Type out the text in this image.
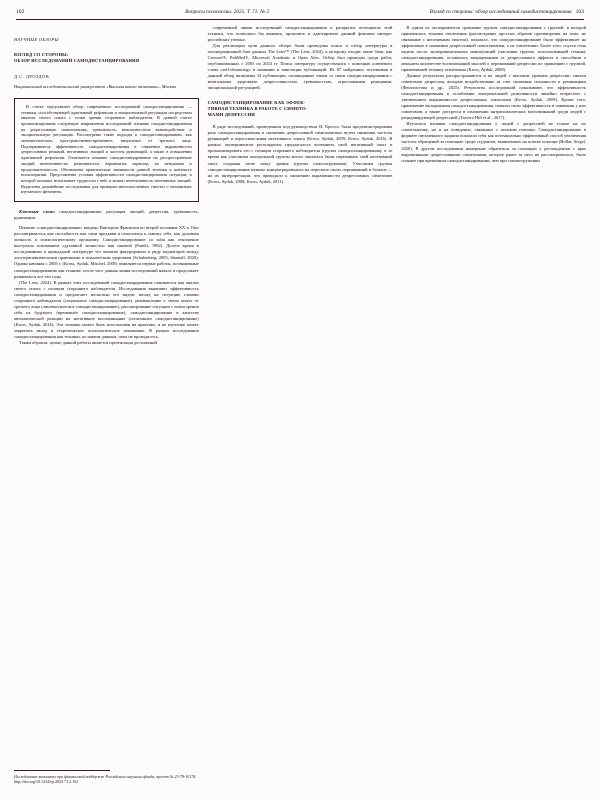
102	Вопросы психологии. 2025. Т. 71. № 2	Взгляд со стороны: обзор исследований самодистанцирования 103
НАУЧНЫЕ ОБЗОРЫ
ВЗГЛЯД СО СТОРОНЫ:
ОБЗОР ИССЛЕДОВАНИЙ САМОДИСТАНЦИРОВАНИЯ
Д.С. ДРОЗДОВ
Национальный исследовательский университет «Высшая школа экономики», Москва

В статье представлен обзор современных исследований самодистанцирования — техники, способствующей адаптивной рефлексии и эмоциональной регуляции посредством анализа своего опыта с точки зрения стороннего наблюдателя. В данной статье проанализированы следующие направления исследований: влияние самодистанцирования на депрессивную симптоматику, тревожность, межличностное взаимодействие и эмоциональную регуляцию. Рассмотрены такие подходы к самодистанцированию, как лингвистическое, пространственно-временное, визуальное от третьего лица. Подчеркивается эффективность самодистанцирования в снижении выраженности депрессивных реакций, негативных эмоций и частоты руминаций, а также в повышении адаптивной рефлексии. Отмечается влияние самодистанцирования на распространение эмоций интенсивности, реактивности, взрывчатых характер, но ненужным и продолжительность. Обозначены практические значимости данной техники в контексте психотерапии. Представлены условия эффективности самодистанцирования ситуации, в которой похожих испытывает трудности с ней, и можно интенсивность негативных эмоций. Выделены дальнейшие исследования для проверки многочисленных гипотез о механизмах изучаемого феномена.

Ключевые слова: самодистанцирование, регуляция эмоций, депрессия, тревожность, руминации.

Понятие «самодистанцирование» введено Виктором Франклом во второй половине XX в. Оно рассматривалось как способность как сами предъяви и относиться к самому себе, как духовная личность к психологическому организму. Самодистанцирование со subя как отношение выступала основанием «духовной личности» как таковой (Frankl, 1982). Долгое время в исследованиях и прикладной литературе это понятие фигурировало в ряду медиаторов между логотерапевтическими практиками и психическим здоровьем (Schulenberg, 2003; Shantall, 2020). Однако начиная с 2005 г. (Kross, Ayduk, Mischel, 2005) появляются первые работы, посвященные самодистанцированию как технике, после чего данная линия исследований начала и продолжает развиваться все эти годы

(The Lens, 2024). В рамках этих исследований самодистанцирование понимается как анализ своего опыта с позиции стороннего наблюдателя. Исследования выявляют эффективность самодистанцирования и предлагают несколько его видов: взгляд на ситуацию глазами стороннего наблюдателя (социальное самодистанцирование), размышление о своем опыте от третьего лица (лингвистическое самодистанцирование), рассматривание ситуации с точки зрения себя из будущего (временнóе самодистанцирование), самодистанцирование в качестве автоматической реакции на негативное воспоминание (спонтанное самодистанцирование) (Kross, Ayduk, 2016). Эти техники может быть использован на практике, и не изучение может закрепить вклад в теоретическое психологическое понимание. В рамках исследования самодистанцирования как техники, по нашим данным, пока не проводилось.

Таким образом, целью данной работы является презентация достижений

Исследование выполнено при финансовой поддержке Российского научного фонда, проект № 23-78-10174.

http://doi.org/10.1234/vp.2025.71.2.102

современной линии исследований самодистанцирования и раскрытие потенциала этой техники, что позволило бы выявить, прояснить и адаптировать данный феномен интерес российских ученых.

Для реализации цели данного обзора были проведены поиск и отбор литературы в агломерационной базе данных The Lens™ (The Lens, 2024), к которому входят такие базы, как Crossref®, PubMed®, Microsoft Academic и Open Alex. Отбор был проведен среди работ, опубликованных с 2005 по 2024 гг. Поиск литературу осуществлялся с помощью ключевого слова «self-distancing» в названии и аннотации публикаций. Из 87 найденных источников в данный обзор включены 32 публикации, посвященные таким со связи самодистанцирования с ментальным здоровьем: депрессивностью, тревожностью, агрессивными реакциями, эмоциональной регуляцией.

САМОДИСТАНЦИРОВАНИЕ КАК ЭФФЕК-
ТИВНАЯ ТЕХНИКА В РАБОТЕ С СИМПТО-
МАМИ ДЕПРЕССИИ

В ряде исследований, проведенном под руководством И. Кросса, была продемонстрирована роль самодистанцирования в снижении депрессивной симптоматики путем снижения частоты руминаций и переосмысления негативного опыта (Kross, Ayduk, 2009; Kross, Ayduk, 2016). В рамках экспериментов респонденты предлагалось вспомнить свой негативный опыт и проанализировать его с позиции стороннего наблюдателя (группа самодистанцирования), в то время как участники контрольной группы могли лишиться были переживать свой негативный опыт, сохраняя свою точку зрения (группа самопогружения). Участники группы самодистанцирования меньше концентрировались на пересказе своих переживаний и больше — на их интерпретации, что приводило к снижению выраженности депрессивных симптомов (Kross, Ayduk, 2008; Kross, Ayduk, 2011).

В одном из экспериментов сравнение группы самодистанцирования с группой, в которой применялась техника отвлечения (рассмотрение простых образов противоречия на теме, не связанные с негативным опытом), показало, что самодистанцирование было эффективнее на эффективно в снижении депрессивной симптоматики, а не отвлечении. Более того, спустя семь недель после экспериментальных манипуляций участники группы, использовавшей технику самодистанцирования, оставались защищенными от депрессивного эффекта и способном о меньшем количестве воспоминаний мыслей о переживаний депрессии по сравнению с группой, применявшей технику отвлечения (Kross, Ayduk, 2008).

Данные результаты распространяются и на людей с высоким уровнем депрессии: снятом симптомов депрессии, которые воздействовано за счет снижения склонности к руминациям (Феоктистова и др., 2025). Результаты исследований показывают, что эффективность самодистанцирования в ослаблении эмоциональной реактивности линейно возрастает с увеличением выраженности депрессивных симптомов (Kross, Ayduk, 2009). Кроме того, применение вкладывания самодистанцирования, показал свою эффективность в снижении у них симптомов, а также дистресса в отношении интрапсихических воспоминаний среди людей с рецидивирующей депрессией (Travers-Hill et al., 2017).

Изучалось влияние самодистанцирования у людей с депрессией не только на их симптоматику, но и на поведение, связанное с поиском помощи. Самодистанцирование в формате письменного задания показало себя как потенциально эффективный способ увеличения частоты обращений за помощью среди студентов, выявленных на поиске помощи (Hollar, Siegel, 2020). В другом исследовании намерение обратиться за помощью у респондентов с ярко выраженными депрессивными симптомами, которое ранее за него не рассматривалось, было сильнее при временном самодистанцировании, чем при самопогружении
